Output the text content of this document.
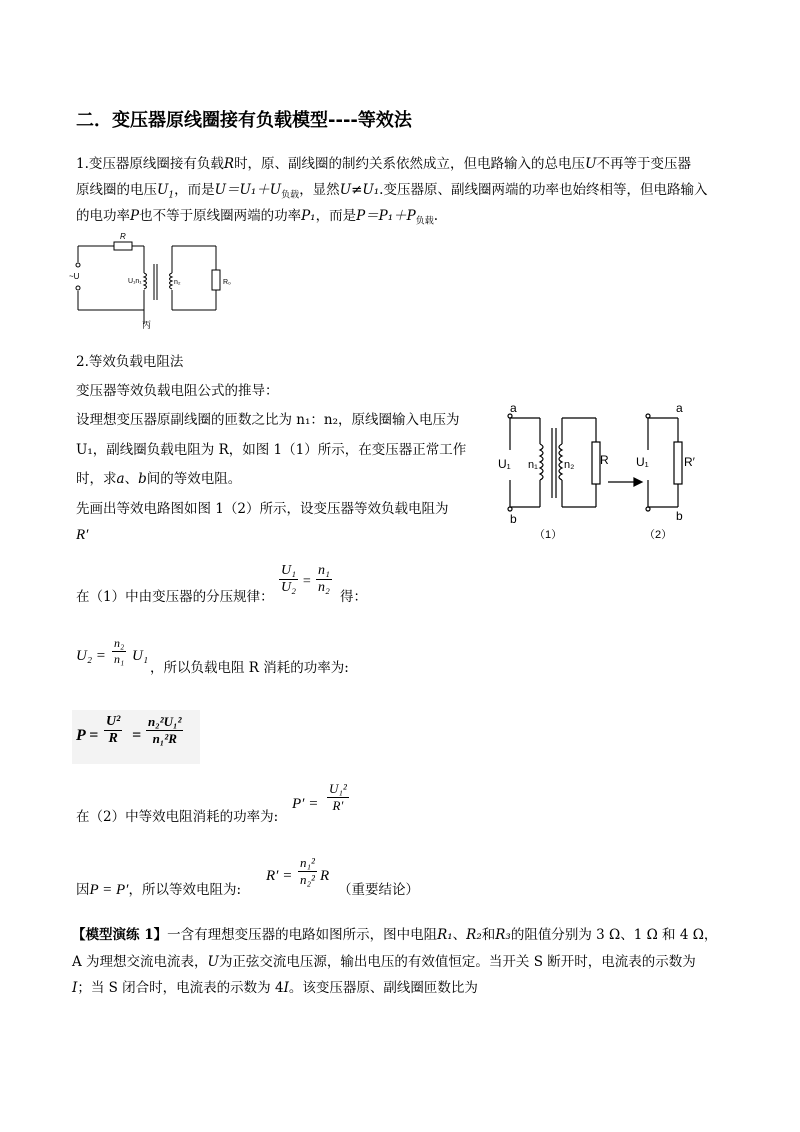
二．变压器原线圈接有负载模型----等效法
1.变压器原线圈接有负载R时，原、副线圈的制约关系依然成立，但电路输入的总电压U不再等于变压器
原线圈的电压$U_1$，而是$U=U_1+U_{负载}$，显然U≠U₁.变压器原、副线圈两端的功率也始终相等，但电路输入
的电功率P也不等于原线圈两端的功率P₁，而是$P=P_1+P_{负载}$.
R
~U
U₁n₁	n₂	R₀
丙
2.等效负载电阻法
变压器等效负载电阻公式的推导：
设理想变压器原副线圈的匝数之比为 n₁：n₂，原线圈输入电压为
U₁，副线圈负载电阻为 R，如图 1（1）所示，在变压器正常工作
时，求a、b间的等效电阻。
先画出等效电路图如图 1（2）所示，设变压器等效负载电阻为
R′
a
b
U₁ n₁ n₂ R
a
b
U₁	R′
（1）	（2）
在（1）中由变压器的分压规律：
U₁
U₂ =
n₁
n₂
得：
U₂ =
n₂
n₁ U₁
，所以负载电阻 R 消耗的功率为:
P =
U²
R =
n₂²U₁²
n₁²R
在（2）中等效电阻消耗的功率为:
P′ =
U₁²
R′
因P = P′，所以等效电阻为:
R′ =
n₁²
n₂² R
（重要结论）
【模型演练 1】一含有理想变压器的电路如图所示，图中电阻R₁、R₂和R₃的阻值分别为 3 Ω、1 Ω 和 4 Ω，
A 为理想交流电流表，U为正弦交流电压源，输出电压的有效值恒定。当开关 S 断开时，电流表的示数为
I；当 S 闭合时，电流表的示数为 4I。该变压器原、副线圈匝数比为
